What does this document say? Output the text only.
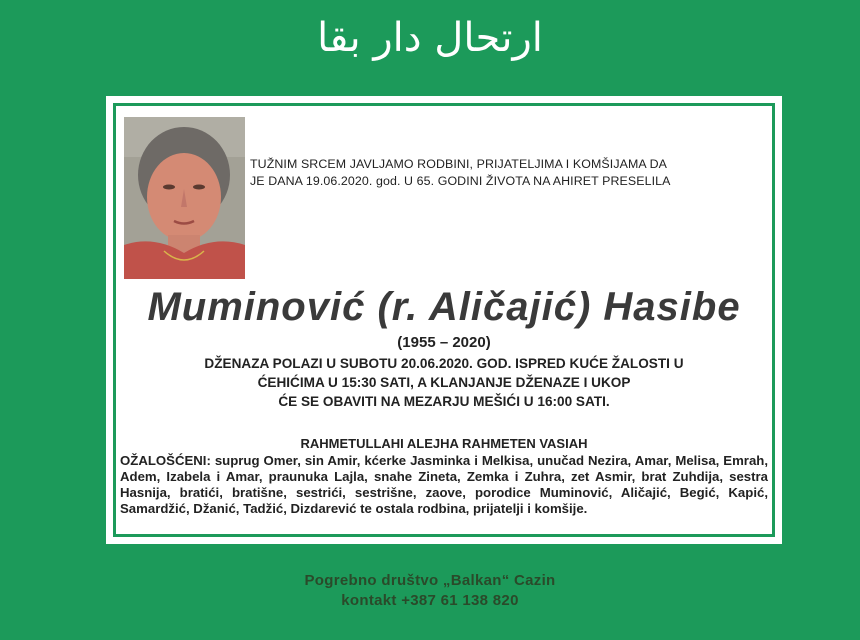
ارتحال دار بقا
TUŽNIM SRCEM JAVLJAMO RODBINI, PRIJATELJIMA I KOMŠIJAMA DA
JE DANA 19.06.2020. god. U 65. GODINI ŽIVOTA NA AHIRET PRESELILA
Muminović (r. Aličajić) Hasibe
(1955 – 2020)
DŽENAZA POLAZI U SUBOTU 20.06.2020. GOD. ISPRED KUĆE ŽALOSTI U
ĆEHIĆIMA U 15:30 SATI, A KLANJANJE DŽENAZE I UKOP
ĆE SE OBAVITI NA MEZARJU MEŠIĆI U 16:00 SATI.
RAHMETULLAHI ALEJHA RAHMETEN VASIAH
OŽALOŠĆENI: suprug Omer, sin Amir, kćerke Jasminka i Melkisa, unučad Nezira, Amar, Melisa, Emrah, Adem, Izabela i Amar, praunuka Lajla, snahe Zineta, Zemka i Zuhra, zet Asmir, brat Zuhdija, sestra Hasnija, bratići, bratišne, sestrići, sestrišne, zaove, porodice Muminović, Aličajić, Begić, Kapić, Samardžić, Džanić, Tadžić, Dizdarević te ostala rodbina, prijatelji i komšije.
Pogrebno društvo „Balkan“ Cazin
kontakt +387 61 138 820
